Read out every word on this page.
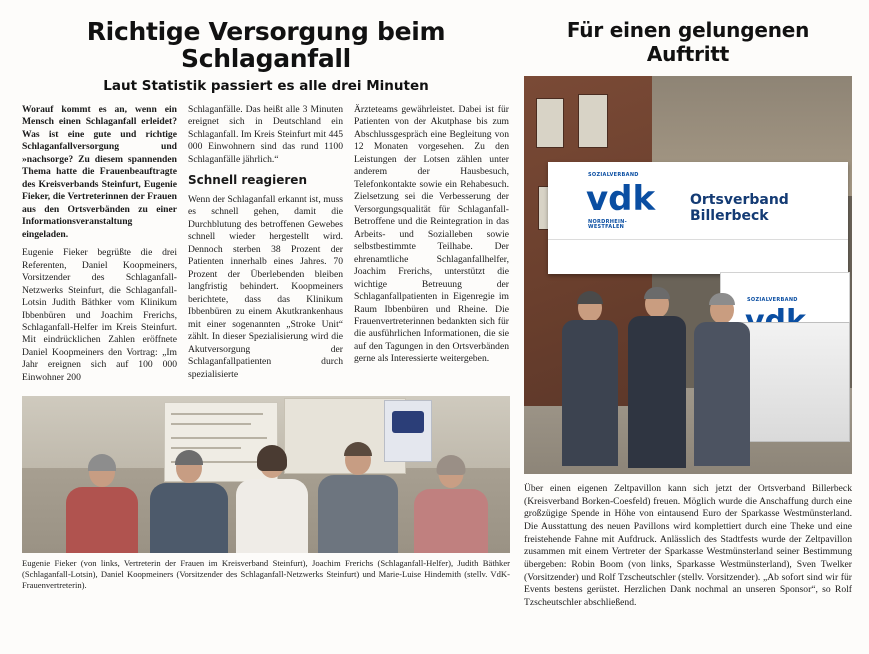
Richtige Versorgung beim Schlaganfall
Laut Statistik passiert es alle drei Minuten

Worauf kommt es an, wenn ein Mensch einen Schlaganfall erleidet? Was ist eine gute und richtige Schlaganfallversorgung und »nachsorge? Zu diesem spannenden Thema hatte die Frauenbeauftragte des Kreisverbands Steinfurt, Eugenie Fieker, die Vertreterinnen der Frauen aus den Ortsverbänden zu einer Informationsveranstaltung eingeladen.

Eugenie Fieker begrüßte die drei Referenten, Daniel Koopmeiners, Vorsitzender des Schlaganfall-Netzwerks Steinfurt, die Schlaganfall-Lotsin Judith Bäthker vom Klinikum Ibbenbüren und Joachim Frerichs, Schlaganfall-Helfer im Kreis Steinfurt. Mit eindrücklichen Zahlen eröffnete Daniel Koopmeiners den Vortrag: „Im Jahr ereignen sich auf 100 000 Einwohner 200

Schlaganfälle. Das heißt alle 3 Minuten ereignet sich in Deutschland ein Schlaganfall. Im Kreis Steinfurt mit 445 000 Einwohnern sind das rund 1100 Schlaganfälle jährlich.“

Schnell reagieren

Wenn der Schlaganfall erkannt ist, muss es schnell gehen, damit die Durchblutung des betroffenen Gewebes schnell wieder hergestellt wird. Dennoch sterben 38 Prozent der Patienten innerhalb eines Jahres. 70 Prozent der Überlebenden bleiben langfristig behindert. Koopmeiners berichtete, dass das Klinikum Ibbenbüren zu einem Akutkrankenhaus mit einer sogenannten „Stroke Unit“ zählt. In dieser Spezialisierung wird die Akutversorgung der Schlaganfallpatienten durch spezialisierte

Ärzteteams gewährleistet. Dabei ist für Patienten von der Akutphase bis zum Abschlussgespräch eine Begleitung von 12 Monaten vorgesehen. Zu den Leistungen der Lotsen zählen unter anderem der Hausbesuch, Telefonkontakte sowie ein Rehabesuch. Zielsetzung sei die Verbesserung der Versorgungsqualität für Schlaganfall-Betroffene und die Reintegration in das Arbeits- und Sozialleben sowie selbstbestimmte Teilhabe. Der ehrenamtliche Schlaganfallhelfer, Joachim Frerichs, unterstützt die wichtige Betreuung der Schlaganfallpatienten in Eigenregie im Raum Ibbenbüren und Rheine. Die Frauenvertreterinnen bedankten sich für die ausführlichen Informationen, die sie auf den Tagungen in den Ortsverbänden gerne als Interessierte weitergeben.

Eugenie Fieker (von links, Vertreterin der Frauen im Kreisverband Steinfurt), Joachim Frerichs (Schlaganfall-Helfer), Judith Bäthker (Schlaganfall-Lotsin), Daniel Koopmeiners (Vorsitzender des Schlaganfall-Netzwerks Steinfurt) und Marie-Luise Hindemith (stellv. VdK-Frauenvertreterin).
Für einen gelungenen Auftritt
vdk
SOZIALVERBAND
NORDRHEIN-WESTFALEN
Ortsverband Billerbeck
SOZIALVERBAND

Über einen eigenen Zeltpavillon kann sich jetzt der Ortsverband Billerbeck (Kreisverband Borken-Coesfeld) freuen. Möglich wurde die Anschaffung durch eine großzügige Spende in Höhe von eintausend Euro der Sparkasse Westmünsterland. Die Ausstattung des neuen Pavillons wird komplettiert durch eine Theke und eine freistehende Fahne mit Aufdruck. Anlässlich des Stadtfests wurde der Zeltpavillon zusammen mit einem Vertreter der Sparkasse Westmünsterland seiner Bestimmung übergeben: Robin Boom (von links, Sparkasse Westmünsterland), Sven Twelker (Vorsitzender) und Rolf Tzscheutschler (stellv. Vorsitzender). „Ab sofort sind wir für Events bestens gerüstet. Herzlichen Dank nochmal an unseren Sponsor“, so Rolf Tzscheutschler abschließend.
